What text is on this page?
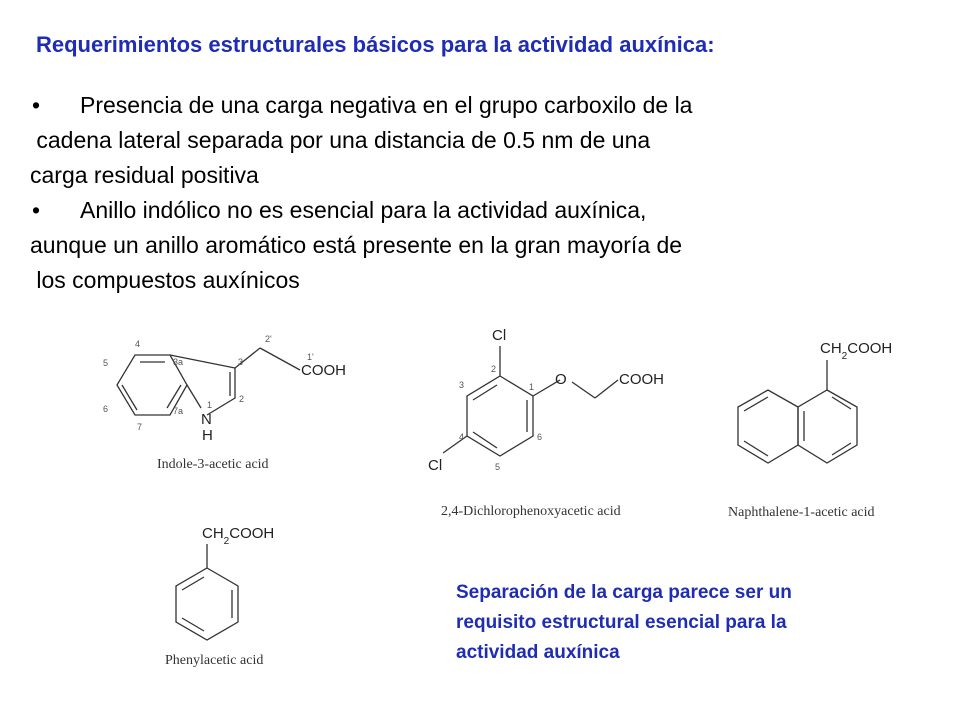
Requerimientos estructurales básicos para la actividad auxínica:
• Presencia de una carga negativa en el grupo carboxilo de la
cadena lateral separada por una distancia de 0.5 nm de una
carga residual positiva
• Anillo indólico no es esencial para la actividad auxínica,
aunque un anillo aromático está presente en la gran mayoría de
los compuestos auxínicos
COOH
N
H
5
4
3a	3
2'
1'
6
7
7a
1
2
Indole-3-acetic acid
Cl
O	COOH
Cl
2
1
3
4
5
6
2,4-Dichlorophenoxyacetic acid
$CH_2COOH$
Naphthalene-1-acetic acid
$CH_2COOH$
Phenylacetic acid
Separación de la carga parece ser un
requisito estructural esencial para la
actividad auxínica
